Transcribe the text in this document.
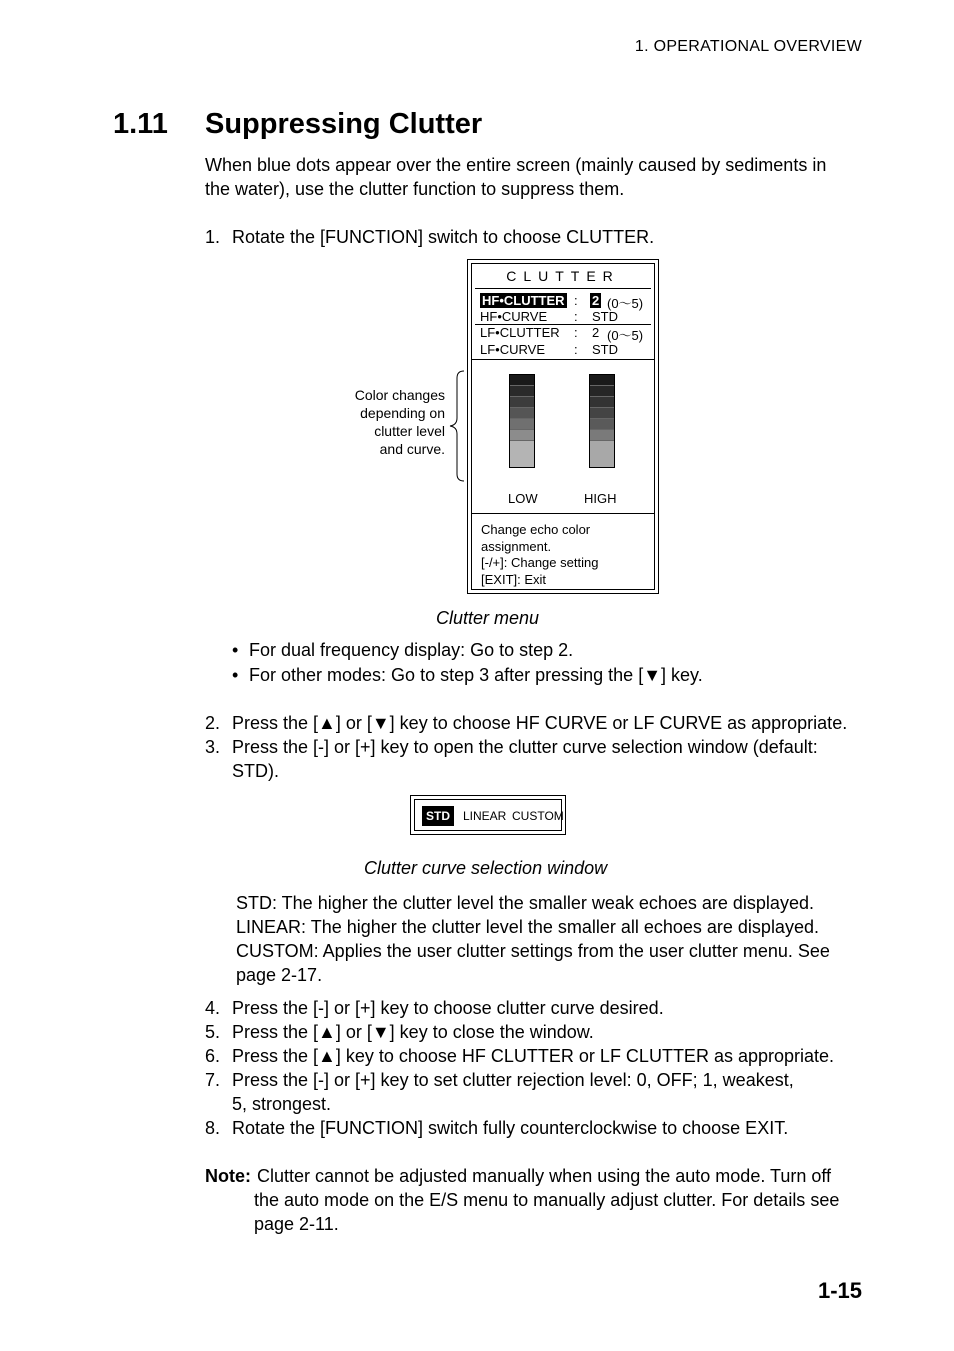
1. OPERATIONAL OVERVIEW
1.11 Suppressing Clutter
When blue dots appear over the entire screen (mainly caused by sediments in the water), use the clutter function to suppress them.
1. Rotate the [FUNCTION] switch to choose CLUTTER.
CLUTTER
HF•CLUTTER : 2 (0～5)
HF•CURVE : STD
LF•CLUTTER : 2 (0～5)
LF•CURVE : STD
LOW	HIGH
Change echo color
assignment.
[-/+]: Change setting
[EXIT]: Exit
Color changes
depending on
clutter level
and curve.
Clutter menu
• For dual frequency display: Go to step 2.
• For other modes: Go to step 3 after pressing the [▼] key.
2. Press the [▲] or [▼] key to choose HF CURVE or LF CURVE as appropriate.
3. Press the [-] or [+] key to open the clutter curve selection window (default:
STD).
STD	LINEAR CUSTOM
Clutter curve selection window
STD: The higher the clutter level the smaller weak echoes are displayed.
LINEAR: The higher the clutter level the smaller all echoes are displayed.
CUSTOM: Applies the user clutter settings from the user clutter menu. See
page 2-17.
4. Press the [-] or [+] key to choose clutter curve desired.
5. Press the [▲] or [▼] key to close the window.
6. Press the [▲] key to choose HF CLUTTER or LF CLUTTER as appropriate.
7. Press the [-] or [+] key to set clutter rejection level: 0, OFF; 1, weakest,
5, strongest.
8. Rotate the [FUNCTION] switch fully counterclockwise to choose EXIT.
Note: Clutter cannot be adjusted manually when using the auto mode. Turn off
the auto mode on the E/S menu to manually adjust clutter. For details see
page 2-11.
1-15
